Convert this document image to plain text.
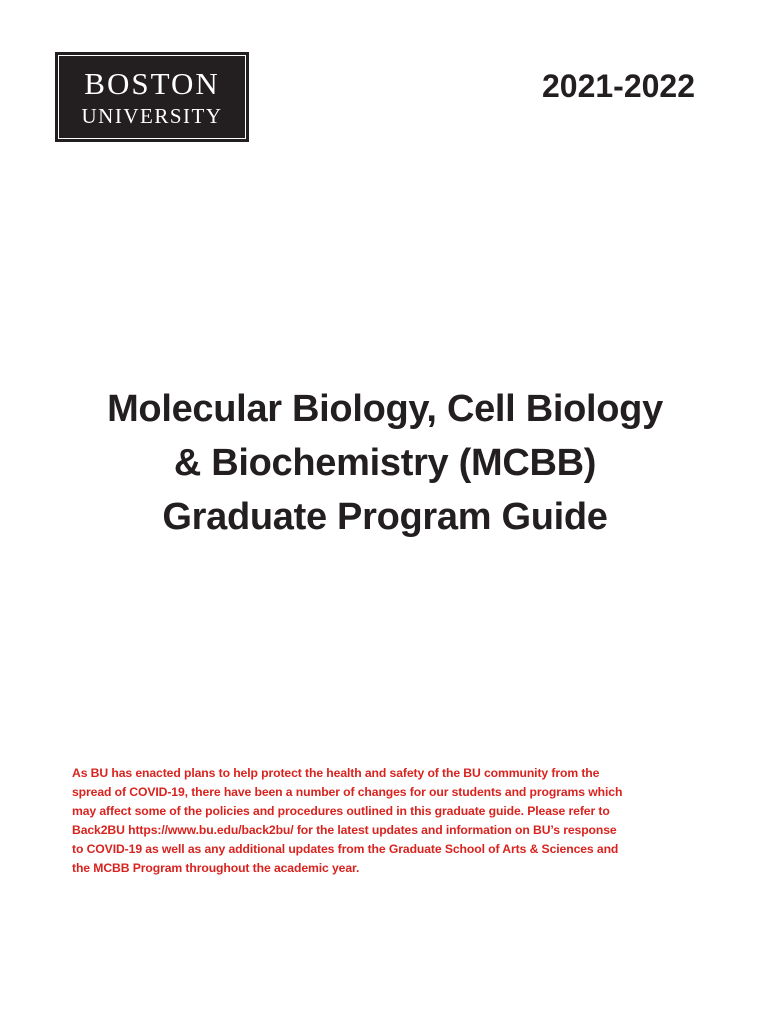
BOSTON
UNIVERSITY
2021-2022
Molecular Biology, Cell Biology
& Biochemistry (MCBB)
Graduate Program Guide
As BU has enacted plans to help protect the health and safety of the BU community from the
spread of COVID-19, there have been a number of changes for our students and programs which
may affect some of the policies and procedures outlined in this graduate guide. Please refer to
Back2BU https://www.bu.edu/back2bu/ for the latest updates and information on BU’s response
to COVID-19 as well as any additional updates from the Graduate School of Arts & Sciences and
the MCBB Program throughout the academic year.
